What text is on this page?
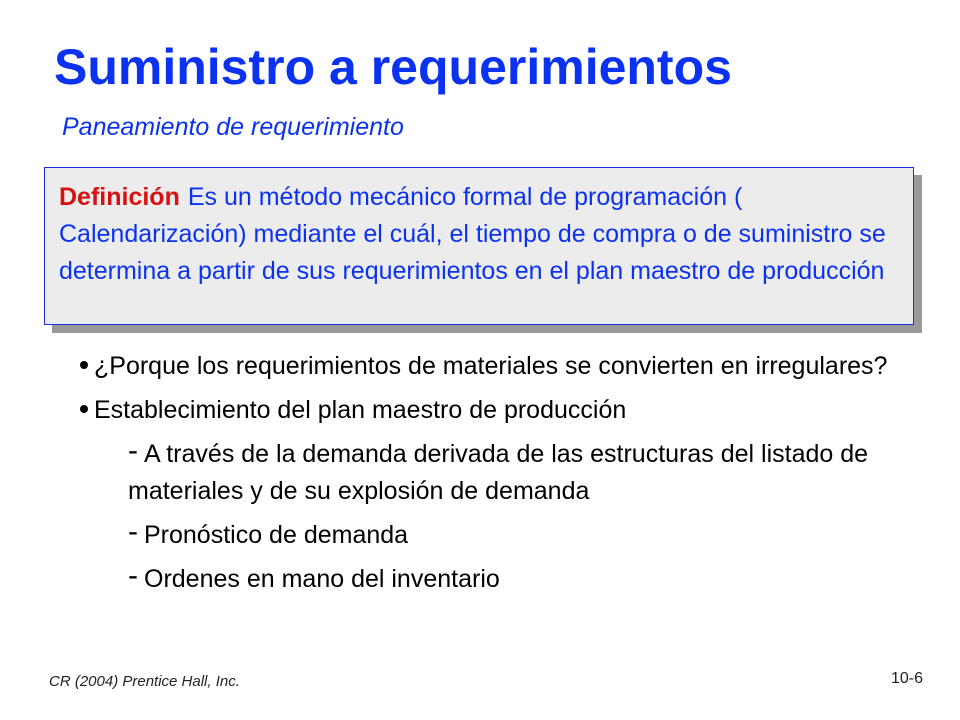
Suministro a requerimientos
Paneamiento de requerimiento
Definición Es un método mecánico formal de programación ( Calendarización) mediante el cuál, el tiempo de compra o de suministro se determina a partir de sus requerimientos en el plan maestro de producción
¿Porque los requerimientos de materiales se convierten en irregulares?
Establecimiento del plan maestro de producción
- A través de la demanda derivada de las estructuras del listado de materiales y de su explosión de demanda
- Pronóstico de demanda
- Ordenes en mano del inventario
CR (2004) Prentice Hall, Inc.	10-6
